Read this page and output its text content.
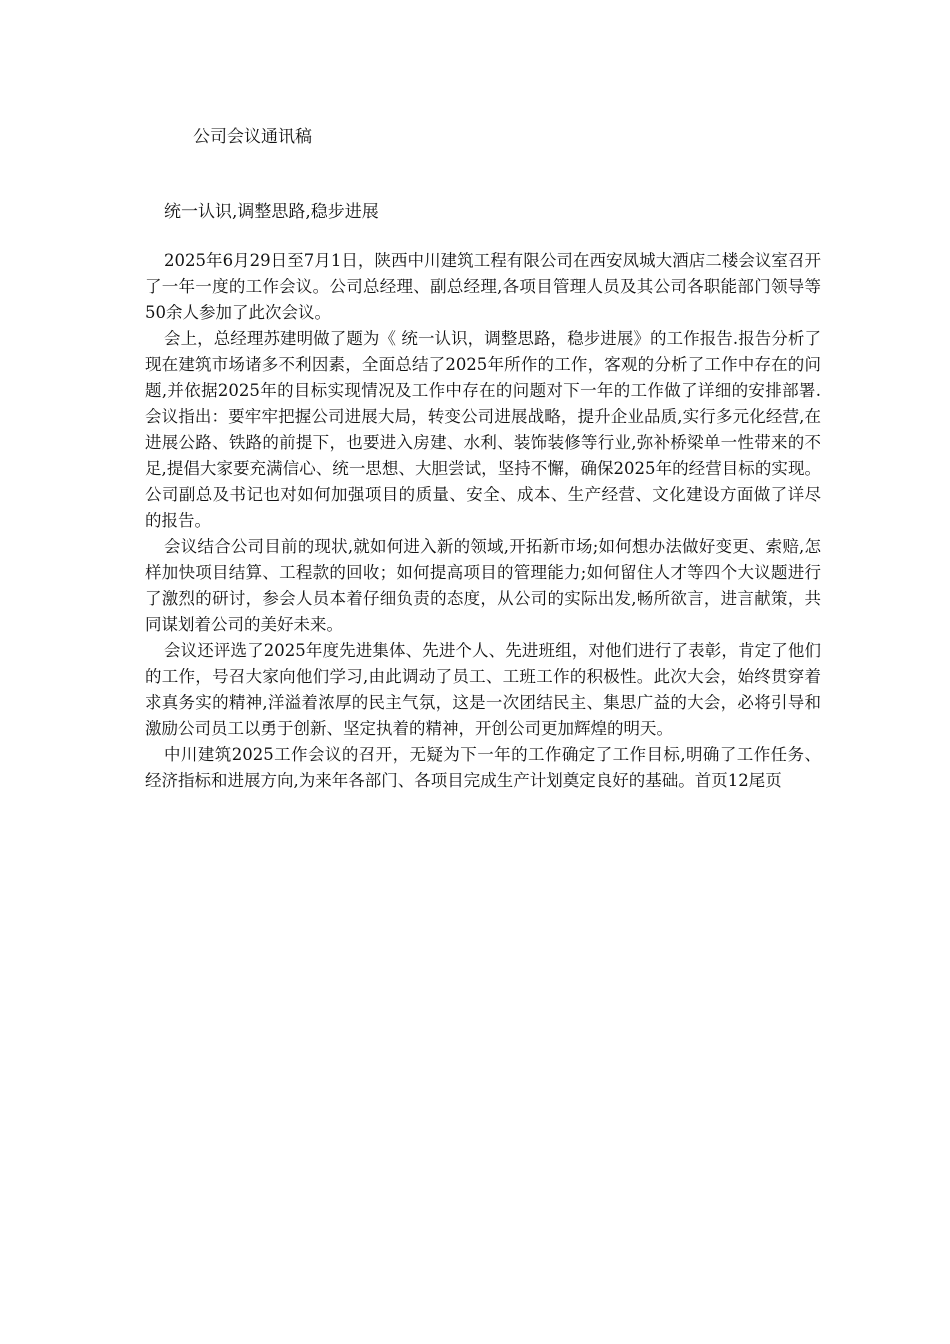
公司会议通讯稿
统一认识,调整思路,稳步进展

2025年6月29日至7月1日，陕西中川建筑工程有限公司在西安凤城大酒店二楼会议室召开了一年一度的工作会议。公司总经理、副总经理,各项目管理人员及其公司各职能部门领导等50余人参加了此次会议。

会上，总经理苏建明做了题为《 统一认识，调整思路，稳步进展》的工作报告.报告分析了现在建筑市场诸多不利因素，全面总结了2025年所作的工作，客观的分析了工作中存在的问题,并依据2025年的目标实现情况及工作中存在的问题对下一年的工作做了详细的安排部署.会议指出：要牢牢把握公司进展大局，转变公司进展战略，提升企业品质,实行多元化经营,在进展公路、铁路的前提下，也要进入房建、水利、装饰装修等行业,弥补桥梁单一性带来的不足,提倡大家要充满信心、统一思想、大胆尝试，坚持不懈，确保2025年的经营目标的实现。公司副总及书记也对如何加强项目的质量、安全、成本、生产经营、文化建设方面做了详尽的报告。

会议结合公司目前的现状,就如何进入新的领域,开拓新市场;如何想办法做好变更、索赔,怎样加快项目结算、工程款的回收；如何提高项目的管理能力;如何留住人才等四个大议题进行了激烈的研讨，参会人员本着仔细负责的态度，从公司的实际出发,畅所欲言，进言献策，共同谋划着公司的美好未来。

会议还评选了2025年度先进集体、先进个人、先进班组，对他们进行了表彰，肯定了他们的工作，号召大家向他们学习,由此调动了员工、工班工作的积极性。此次大会，始终贯穿着求真务实的精神,洋溢着浓厚的民主气氛，这是一次团结民主、集思广益的大会，必将引导和激励公司员工以勇于创新、坚定执着的精神，开创公司更加辉煌的明天。

中川建筑2025工作会议的召开，无疑为下一年的工作确定了工作目标,明确了工作任务、经济指标和进展方向,为来年各部门、各项目完成生产计划奠定良好的基础。首页12尾页
